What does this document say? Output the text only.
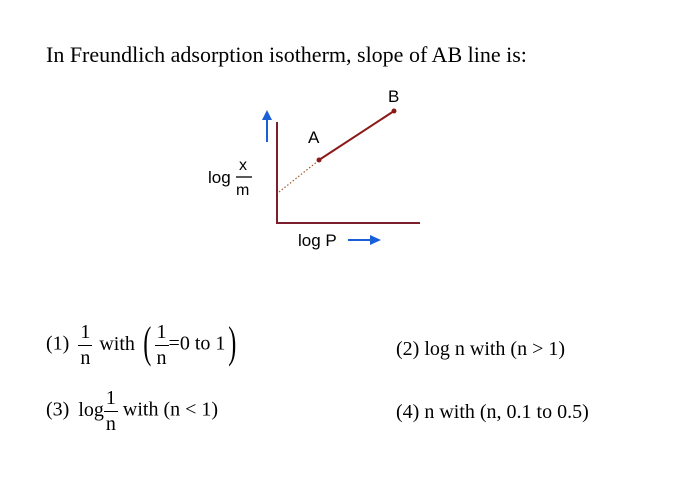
In Freundlich adsorption isotherm, slope of AB line is:
A
B
log
x
m
log P
$(1) \frac{1}{n}$ with ( $\frac{1}{n} =0$ to 1)	(2) log n with (n > 1)
(3) $\log \frac{1}{n}$ with (n < 1)	(4) n with (n, 0.1 to 0.5)
